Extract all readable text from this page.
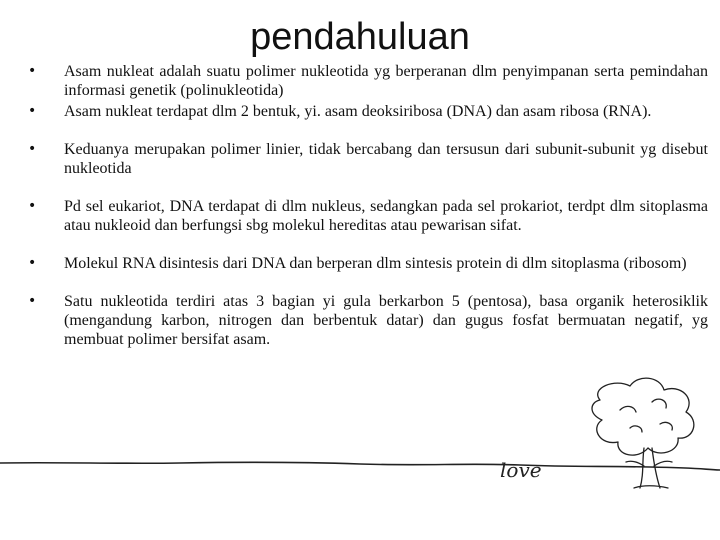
pendahuluan
•	Asam nukleat adalah suatu polimer nukleotida yg berperanan dlm penyimpanan serta pemindahan informasi genetik (polinukleotida)
•	Asam nukleat terdapat dlm 2 bentuk, yi. asam deoksiribosa (DNA) dan asam ribosa (RNA).
•	Keduanya merupakan polimer linier, tidak bercabang dan tersusun dari subunit-subunit yg disebut nukleotida
•	Pd sel eukariot, DNA terdapat di dlm nukleus, sedangkan pada sel prokariot, terdpt dlm sitoplasma atau nukleoid dan berfungsi sbg molekul hereditas atau pewarisan sifat.
•	Molekul RNA disintesis dari DNA dan berperan dlm sintesis protein di dlm sitoplasma (ribosom)
•	Satu nukleotida terdiri atas 3 bagian yi gula berkarbon 5 (pentosa), basa organik heterosiklik (mengandung karbon, nitrogen dan berbentuk datar) dan gugus fosfat bermuatan negatif, yg membuat polimer bersifat asam.
love
